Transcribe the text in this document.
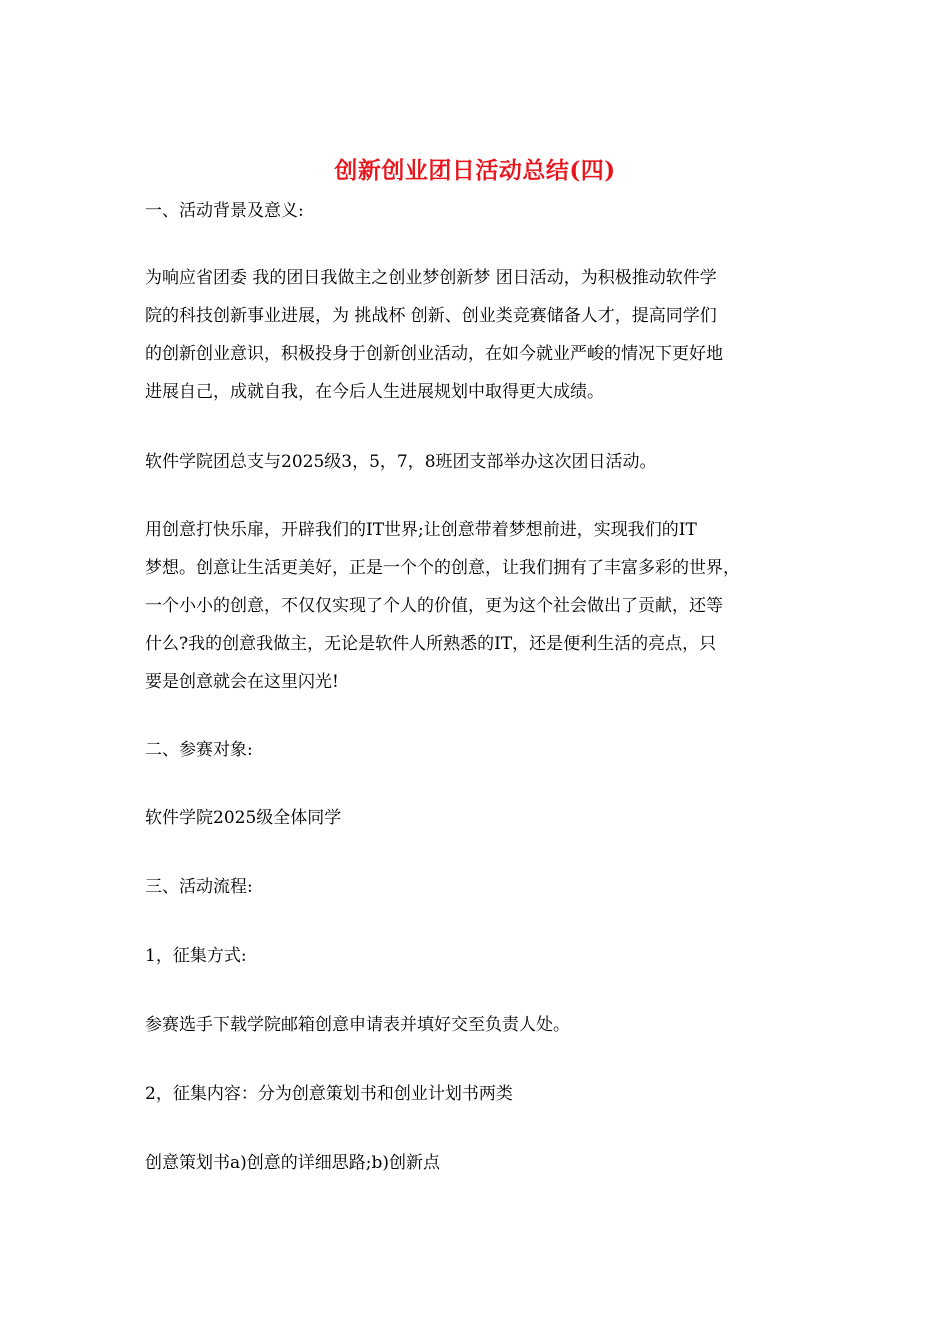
创新创业团日活动总结(四)
一、活动背景及意义:
为响应省团委 我的团日我做主之创业梦创新梦 团日活动，为积极推动软件学
院的科技创新事业进展，为 挑战杯 创新、创业类竞赛储备人才，提高同学们
的创新创业意识，积极投身于创新创业活动，在如今就业严峻的情况下更好地
进展自己，成就自我，在今后人生进展规划中取得更大成绩。
软件学院团总支与2025级3，5，7，8班团支部举办这次团日活动。
用创意打快乐扉，开辟我们的IT世界;让创意带着梦想前进，实现我们的IT
梦想。创意让生活更美好，正是一个个的创意，让我们拥有了丰富多彩的世界，
一个小小的创意，不仅仅实现了个人的价值，更为这个社会做出了贡献，还等
什么?我的创意我做主，无论是软件人所熟悉的IT，还是便利生活的亮点，只
要是创意就会在这里闪光!
二、参赛对象:
软件学院2025级全体同学
三、活动流程:
1，征集方式:
参赛选手下载学院邮箱创意申请表并填好交至负责人处。
2，征集内容：分为创意策划书和创业计划书两类
创意策划书a)创意的详细思路;b)创新点
